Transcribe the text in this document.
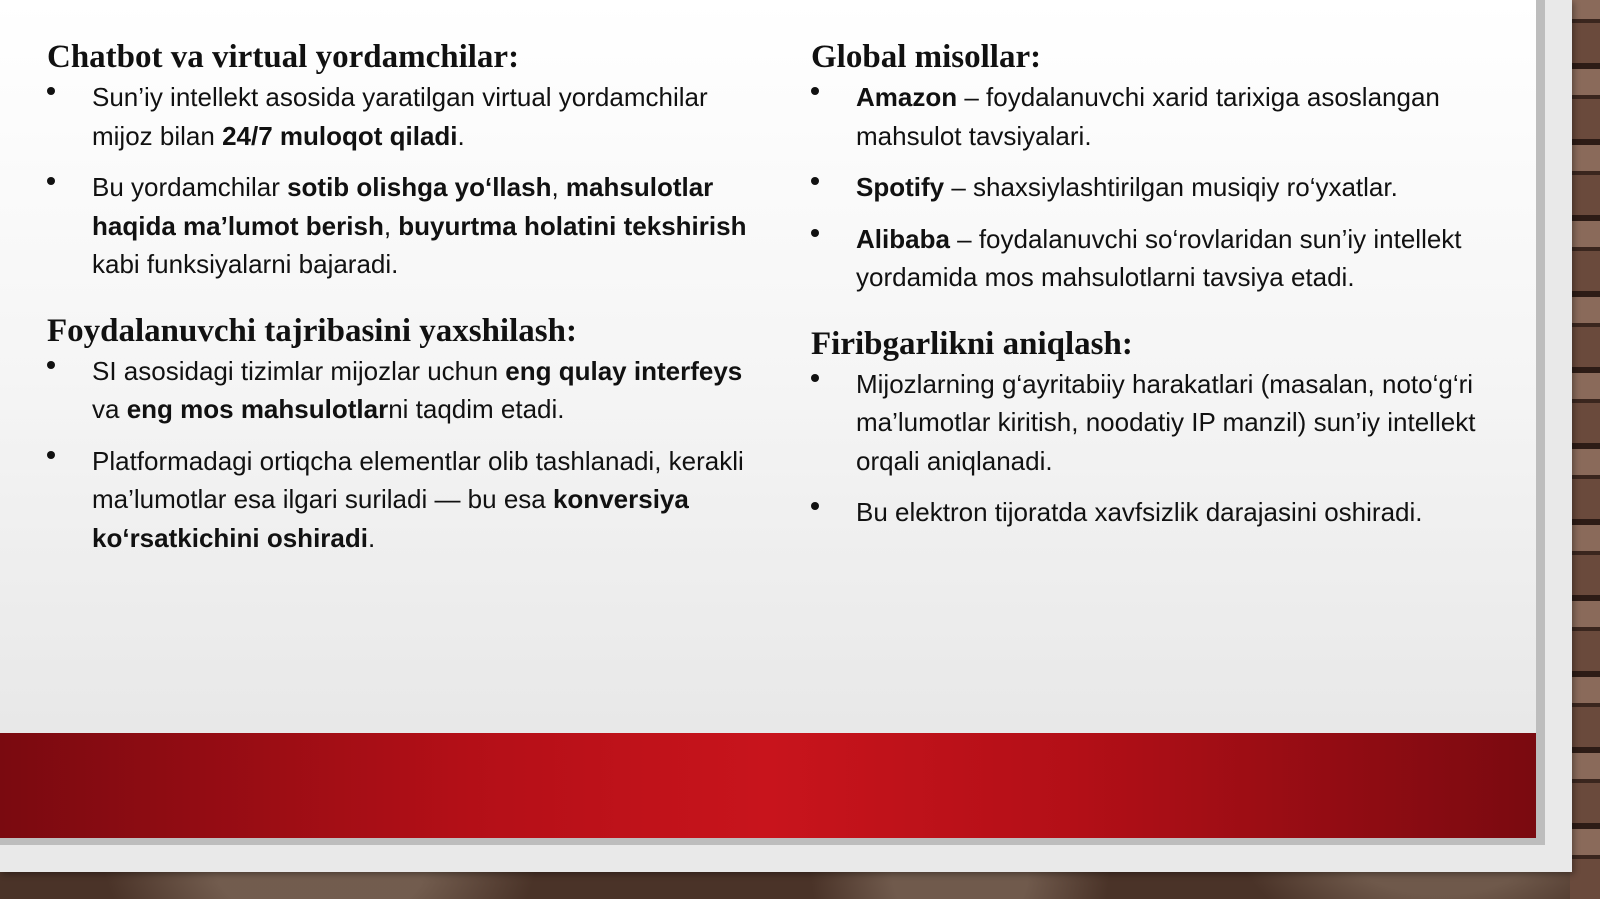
Chatbot va virtual yordamchilar:
Sun’iy intellekt asosida yaratilgan virtual yordamchilar mijoz bilan 24/7 muloqot qiladi.
Bu yordamchilar sotib olishga yo‘llash, mahsulotlar haqida ma’lumot berish, buyurtma holatini tekshirish kabi funksiyalarni bajaradi.
Foydalanuvchi tajribasini yaxshilash:
SI asosidagi tizimlar mijozlar uchun eng qulay interfeys va eng mos mahsulotlarni taqdim etadi.
Platformadagi ortiqcha elementlar olib tashlanadi, kerakli ma’lumotlar esa ilgari suriladi — bu esa konversiya ko‘rsatkichini oshiradi.
Global misollar:
Amazon – foydalanuvchi xarid tarixiga asoslangan mahsulot tavsiyalari.
Spotify – shaxsiylashtirilgan musiqiy ro‘yxatlar.
Alibaba – foydalanuvchi so‘rovlaridan sun’iy intellekt yordamida mos mahsulotlarni tavsiya etadi.
Firibgarlikni aniqlash:
Mijozlarning g‘ayritabiiy harakatlari (masalan, noto‘g‘ri ma’lumotlar kiritish, noodatiy IP manzil) sun’iy intellekt orqali aniqlanadi.
Bu elektron tijoratda xavfsizlik darajasini oshiradi.
